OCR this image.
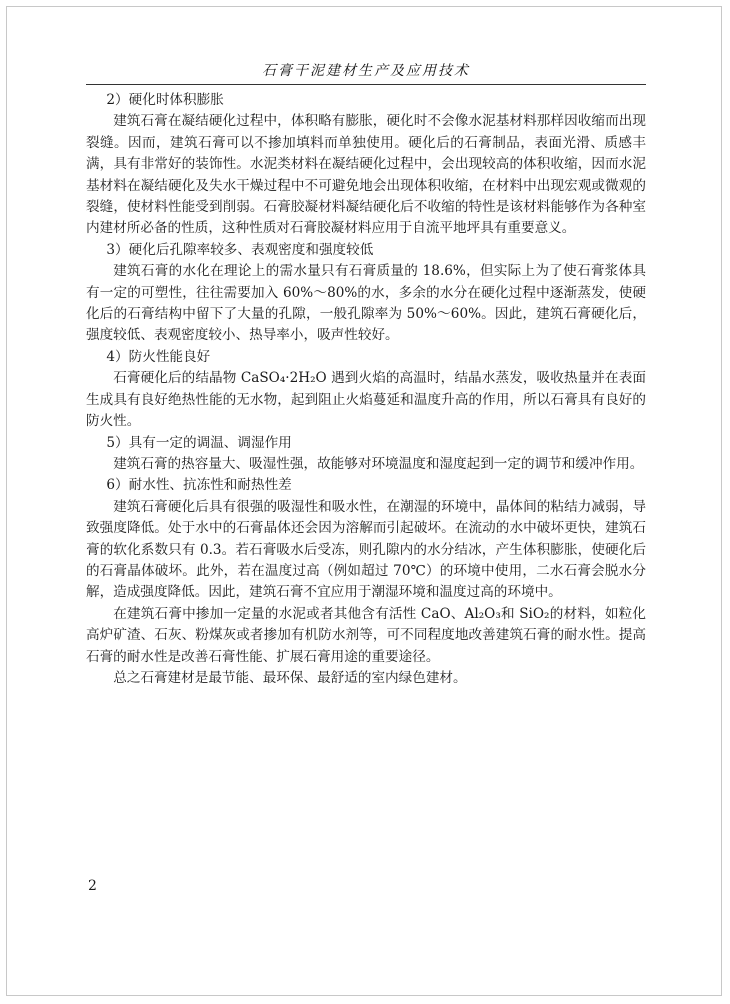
石膏干泥建材生产及应用技术

2）硬化时体积膨胀

建筑石膏在凝结硬化过程中，体积略有膨胀，硬化时不会像水泥基材料那样因收缩而出现裂缝。因而，建筑石膏可以不掺加填料而单独使用。硬化后的石膏制品，表面光滑、质感丰满，具有非常好的装饰性。水泥类材料在凝结硬化过程中，会出现较高的体积收缩，因而水泥基材料在凝结硬化及失水干燥过程中不可避免地会出现体积收缩，在材料中出现宏观或微观的裂缝，使材料性能受到削弱。石膏胶凝材料凝结硬化后不收缩的特性是该材料能够作为各种室内建材所必备的性质，这种性质对石膏胶凝材料应用于自流平地坪具有重要意义。

3）硬化后孔隙率较多、表观密度和强度较低

建筑石膏的水化在理论上的需水量只有石膏质量的 18.6%，但实际上为了使石膏浆体具有一定的可塑性，往往需要加入 60%～80%的水，多余的水分在硬化过程中逐渐蒸发，使硬化后的石膏结构中留下了大量的孔隙，一般孔隙率为 50%～60%。因此，建筑石膏硬化后，强度较低、表观密度较小、热导率小，吸声性较好。

4）防火性能良好

石膏硬化后的结晶物 CaSO₄·2H₂O 遇到火焰的高温时，结晶水蒸发，吸收热量并在表面生成具有良好绝热性能的无水物，起到阻止火焰蔓延和温度升高的作用，所以石膏具有良好的防火性。

5）具有一定的调温、调湿作用

建筑石膏的热容量大、吸湿性强，故能够对环境温度和湿度起到一定的调节和缓冲作用。

6）耐水性、抗冻性和耐热性差

建筑石膏硬化后具有很强的吸湿性和吸水性，在潮湿的环境中，晶体间的粘结力减弱，导致强度降低。处于水中的石膏晶体还会因为溶解而引起破坏。在流动的水中破坏更快，建筑石膏的软化系数只有 0.3。若石膏吸水后受冻，则孔隙内的水分结冰，产生体积膨胀，使硬化后的石膏晶体破坏。此外，若在温度过高（例如超过 70℃）的环境中使用，二水石膏会脱水分解，造成强度降低。因此，建筑石膏不宜应用于潮湿环境和温度过高的环境中。

在建筑石膏中掺加一定量的水泥或者其他含有活性 CaO、Al₂O₃和 SiO₂的材料，如粒化高炉矿渣、石灰、粉煤灰或者掺加有机防水剂等，可不同程度地改善建筑石膏的耐水性。提高石膏的耐水性是改善石膏性能、扩展石膏用途的重要途径。

总之石膏建材是最节能、最环保、最舒适的室内绿色建材。

2
